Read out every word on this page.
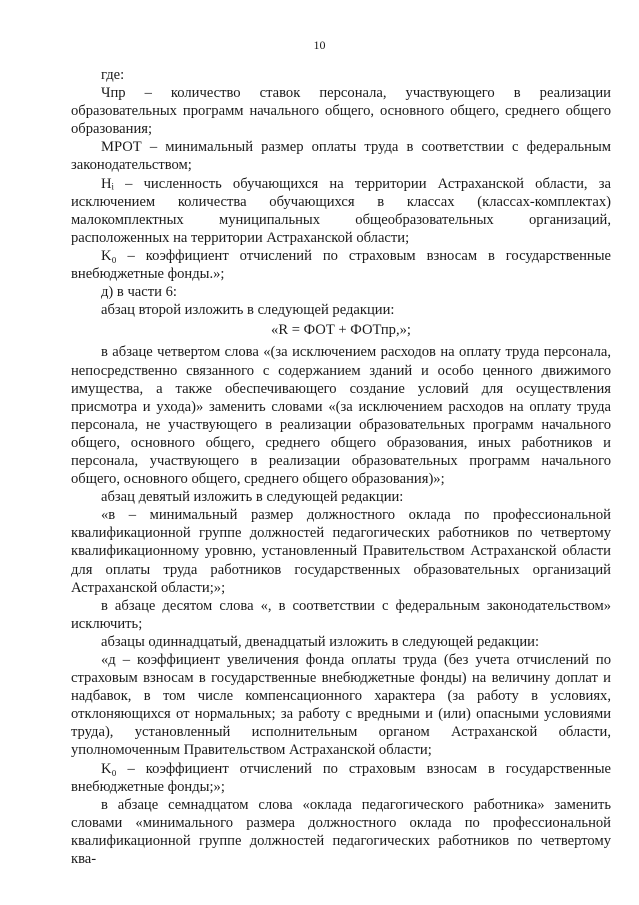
10

где:

Чпр – количество ставок персонала, участвующего в реализации образовательных программ начального общего, основного общего, среднего общего образования;

МРОТ – минимальный размер оплаты труда в соответствии с федеральным законодательством;

Hᵢ – численность обучающихся на территории Астраханской области, за исключением количества обучающихся в классах (классах-комплектах) малокомплектных муниципальных общеобразовательных организаций, расположенных на территории Астраханской области;

K₀ – коэффициент отчислений по страховым взносам в государственные внебюджетные фонды.»;

д) в части 6:

абзац второй изложить в следующей редакции:

«R = ФОТ + ФОТпр,»;

в абзаце четвертом слова «(за исключением расходов на оплату труда персонала, непосредственно связанного с содержанием зданий и особо ценного движимого имущества, а также обеспечивающего создание условий для осуществления присмотра и ухода)» заменить словами «(за исключением расходов на оплату труда персонала, не участвующего в реализации образовательных программ начального общего, основного общего, среднего общего образования, иных работников и персонала, участвующего в реализации образовательных программ начального общего, основного общего, среднего общего образования)»;

абзац девятый изложить в следующей редакции:

«в – минимальный размер должностного оклада по профессиональной квалификационной группе должностей педагогических работников по четвертому квалификационному уровню, установленный Правительством Астраханской области для оплаты труда работников государственных образовательных организаций Астраханской области;»;

в абзаце десятом слова «, в соответствии с федеральным законодательством» исключить;

абзацы одиннадцатый, двенадцатый изложить в следующей редакции:

«д – коэффициент увеличения фонда оплаты труда (без учета отчислений по страховым взносам в государственные внебюджетные фонды) на величину доплат и надбавок, в том числе компенсационного характера (за работу в условиях, отклоняющихся от нормальных; за работу с вредными и (или) опасными условиями труда), установленный исполнительным органом Астраханской области, уполномоченным Правительством Астраханской области;

K₀ – коэффициент отчислений по страховым взносам в государственные внебюджетные фонды;»;

в абзаце семнадцатом слова «оклада педагогического работника» заменить словами «минимального размера должностного оклада по профессиональной квалификационной группе должностей педагогических работников по четвертому ква-
